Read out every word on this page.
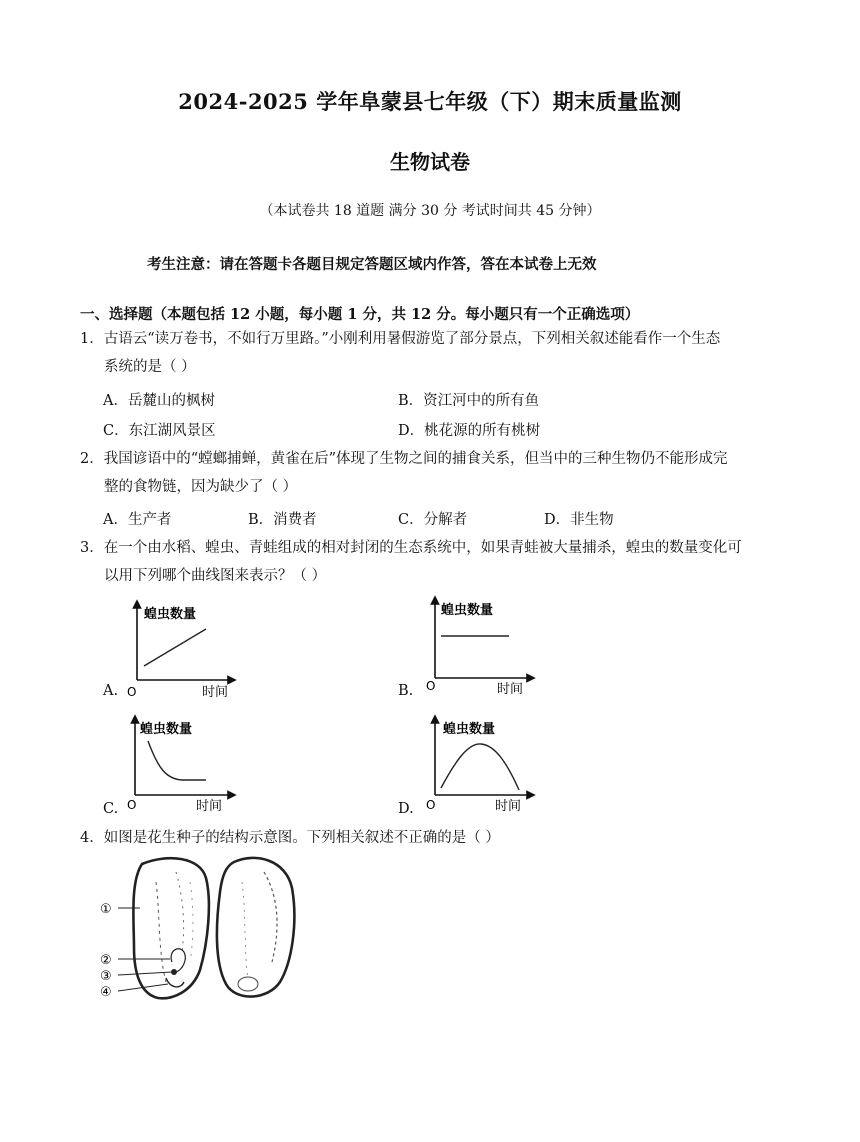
2024-2025 学年阜蒙县七年级（下）期末质量监测
生物试卷
（本试卷共 18 道题 满分 30 分 考试时间共 45 分钟）
考生注意：请在答题卡各题目规定答题区域内作答，答在本试卷上无效
一、选择题（本题包括 12 小题，每小题 1 分，共 12 分。每小题只有一个正确选项）
1．古语云“读万卷书，不如行万里路。”小刚利用暑假游览了部分景点，下列相关叙述能看作一个生态
系统的是（ ）
A．岳麓山的枫树	B．资江河中的所有鱼
C．东江湖风景区	D．桃花源的所有桃树
2．我国谚语中的“螳螂捕蝉，黄雀在后”体现了生物之间的捕食关系，但当中的三种生物仍不能形成完
整的食物链，因为缺少了（ ）
A．生产者	B．消费者	C．分解者	D．非生物
3．在一个由水稻、蝗虫、青蛙组成的相对封闭的生态系统中，如果青蛙被大量捕杀，蝗虫的数量变化可
以用下列哪个曲线图来表示？（ ）
A.
蝗虫数量
时间
O	B.
蝗虫数量
时间
O
C.
蝗虫数量
时间
O	D.
蝗虫数量
时间
O
4．如图是花生种子的结构示意图。下列相关叙述不正确的是（ ）
①
②
③
④
